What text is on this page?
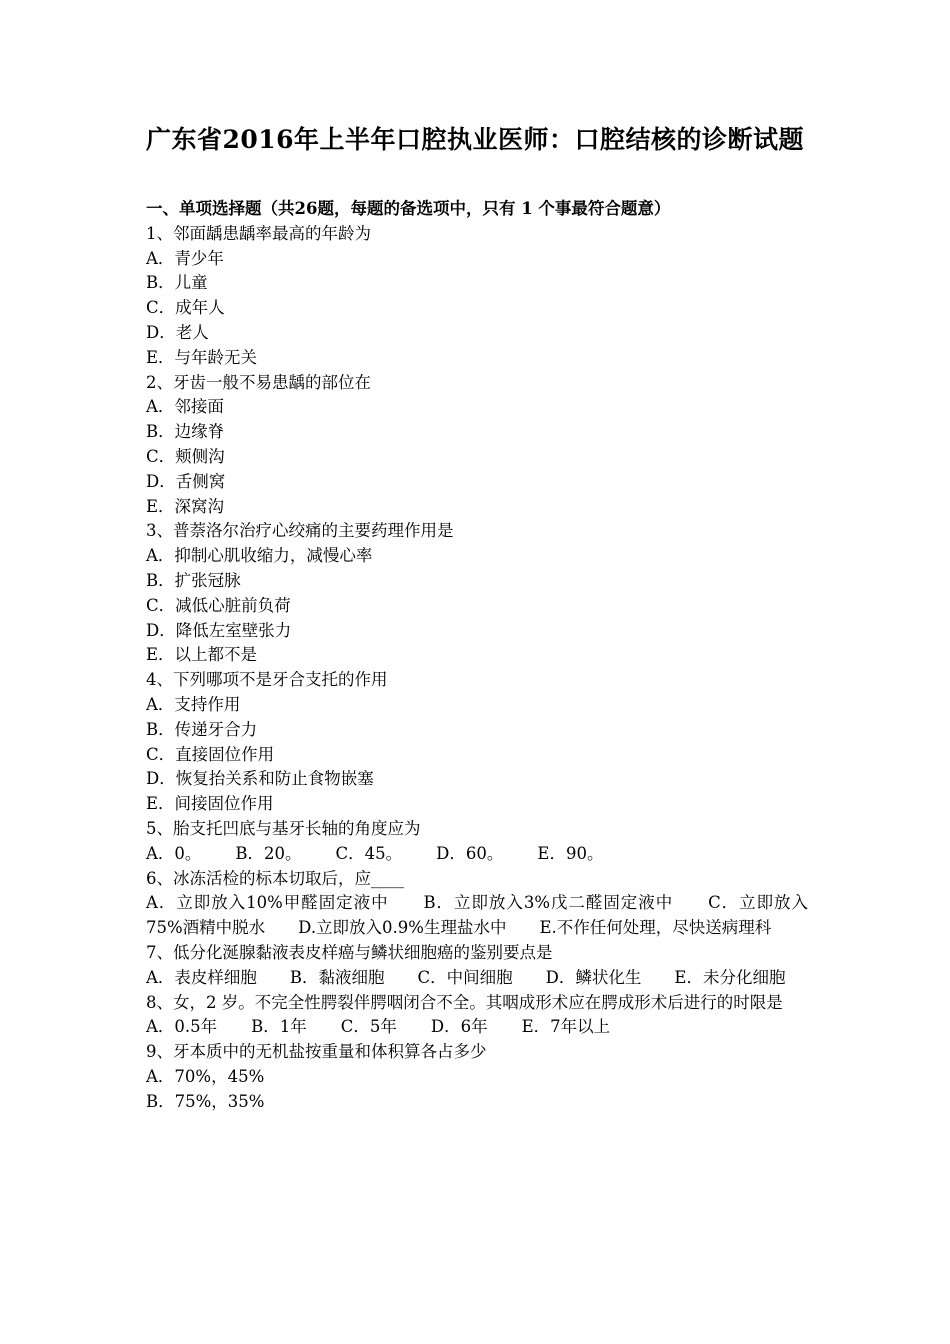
广东省2016年上半年口腔执业医师：口腔结核的诊断试题

一、单项选择题（共26题，每题的备选项中，只有 1 个事最符合题意）

1、邻面龋患龋率最高的年龄为

A．青少年

B．儿童

C．成年人

D．老人

E．与年龄无关

2、牙齿一般不易患龋的部位在

A．邻接面

B．边缘脊

C．颊侧沟

D．舌侧窝

E．深窝沟

3、普萘洛尔治疗心绞痛的主要药理作用是

A．抑制心肌收缩力，减慢心率

B．扩张冠脉

C．减低心脏前负荷

D．降低左室壁张力

E．以上都不是

4、下列哪项不是牙合支托的作用

A．支持作用

B．传递牙合力

C．直接固位作用

D．恢复抬关系和防止食物嵌塞

E．间接固位作用

5、胎支托凹底与基牙长轴的角度应为

A．0。 B．20。 C．45。 D．60。 E．90。

6、冰冻活检的标本切取后，应____

A．立即放入10%甲醛固定液中　　B．立即放入3%戊二醛固定液中　　C．立即放入75%酒精中脱水　　D.立即放入0.9%生理盐水中　　E.不作任何处理，尽快送病理科

7、低分化涎腺黏液表皮样癌与鳞状细胞癌的鉴别要点是

A．表皮样细胞　　B．黏液细胞　　C．中间细胞　　D．鳞状化生　　E．未分化细胞

8、女，2 岁。不完全性腭裂伴腭咽闭合不全。其咽成形术应在腭成形术后进行的时限是

A．0.5年 B．1年 C．5年 D．6年 E．7年以上

9、牙本质中的无机盐按重量和体积算各占多少

A．70%，45%

B．75%，35%
